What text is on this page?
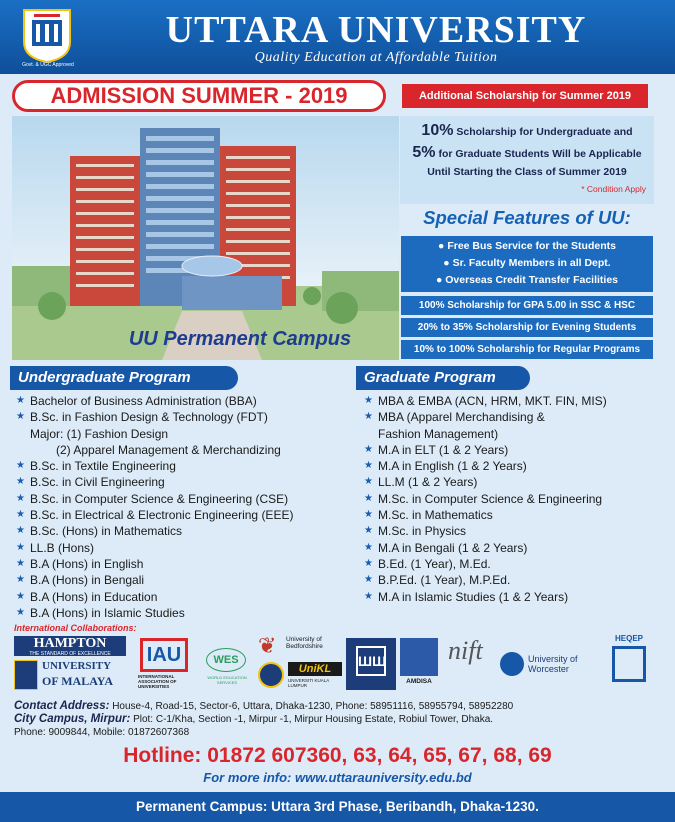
Govt. & UGC Approved
UTTARA UNIVERSITY
Quality Education at Affordable Tuition
ADMISSION SUMMER - 2019
UU Permanent Campus
Additional Scholarship for Summer 2019
10% Scholarship for Undergraduate and
5% for Graduate Students Will be Applicable
Until Starting the Class of Summer 2019
* Condition Apply
Special Features of UU:
● Free Bus Service for the Students
● Sr. Faculty Members in all Dept.
● Overseas Credit Transfer Facilities
100% Scholarship for GPA 5.00 in SSC & HSC
20% to 35% Scholarship for Evening Students
10% to 100% Scholarship for Regular Programs
Undergraduate Program	Graduate Program
★ Bachelor of Business Administration (BBA)
★ B.Sc. in Fashion Design & Technology (FDT)
Major: (1) Fashion Design
(2) Apparel Management & Merchandizing
★ B.Sc. in Textile Engineering
★ B.Sc. in Civil Engineering
★ B.Sc. in Computer Science & Engineering (CSE)
★ B.Sc. in Electrical & Electronic Engineering (EEE)
★ B.Sc. (Hons) in Mathematics
★ LL.B (Hons)
★ B.A (Hons) in English
★ B.A (Hons) in Bengali
★ B.A (Hons) in Education
★ B.A (Hons) in Islamic Studies
★ MBA & EMBA (ACN, HRM, MKT. FIN, MIS)
★ MBA (Apparel Merchandising &
Fashion Management)
★ M.A in ELT (1 & 2 Years)
★ M.A in English (1 & 2 Years)
★ LL.M (1 & 2 Years)
★ M.Sc. in Computer Science & Engineering
★ M.Sc. in Mathematics
★ M.Sc. in Physics
★ M.A in Bengali (1 & 2 Years)
★ B.Ed. (1 Year), M.Ed.
★ B.P.Ed. (1 Year), M.P.Ed.
★ M.A in Islamic Studies (1 & 2 Years)
International Collaborations:
HAMPTON
THE STANDARD OF EXCELLENCE
UNIVERSITY
OF MALAYA
IAU
INTERNATIONAL ASSOCIATION OF UNIVERSITIES
WES
WORLD EDUCATION SERVICES
❦	University of Bedfordshire
UniKL
UNIVERSITI KUALA LUMPUR
ШШ
AMDISA
nift	University of Worcester
HEQEP
Contact Address: House-4, Road-15, Sector-6, Uttara, Dhaka-1230, Phone: 58951116, 58955794, 58952280
City Campus, Mirpur: Plot: C-1/Kha, Section -1, Mirpur -1, Mirpur Housing Estate, Robiul Tower, Dhaka.
Phone: 9009844, Mobile: 01872607368
Hotline: 01872 607360, 63, 64, 65, 67, 68, 69
For more info: www.uttarauniversity.edu.bd
Permanent Campus: Uttara 3rd Phase, Beribandh, Dhaka-1230.
